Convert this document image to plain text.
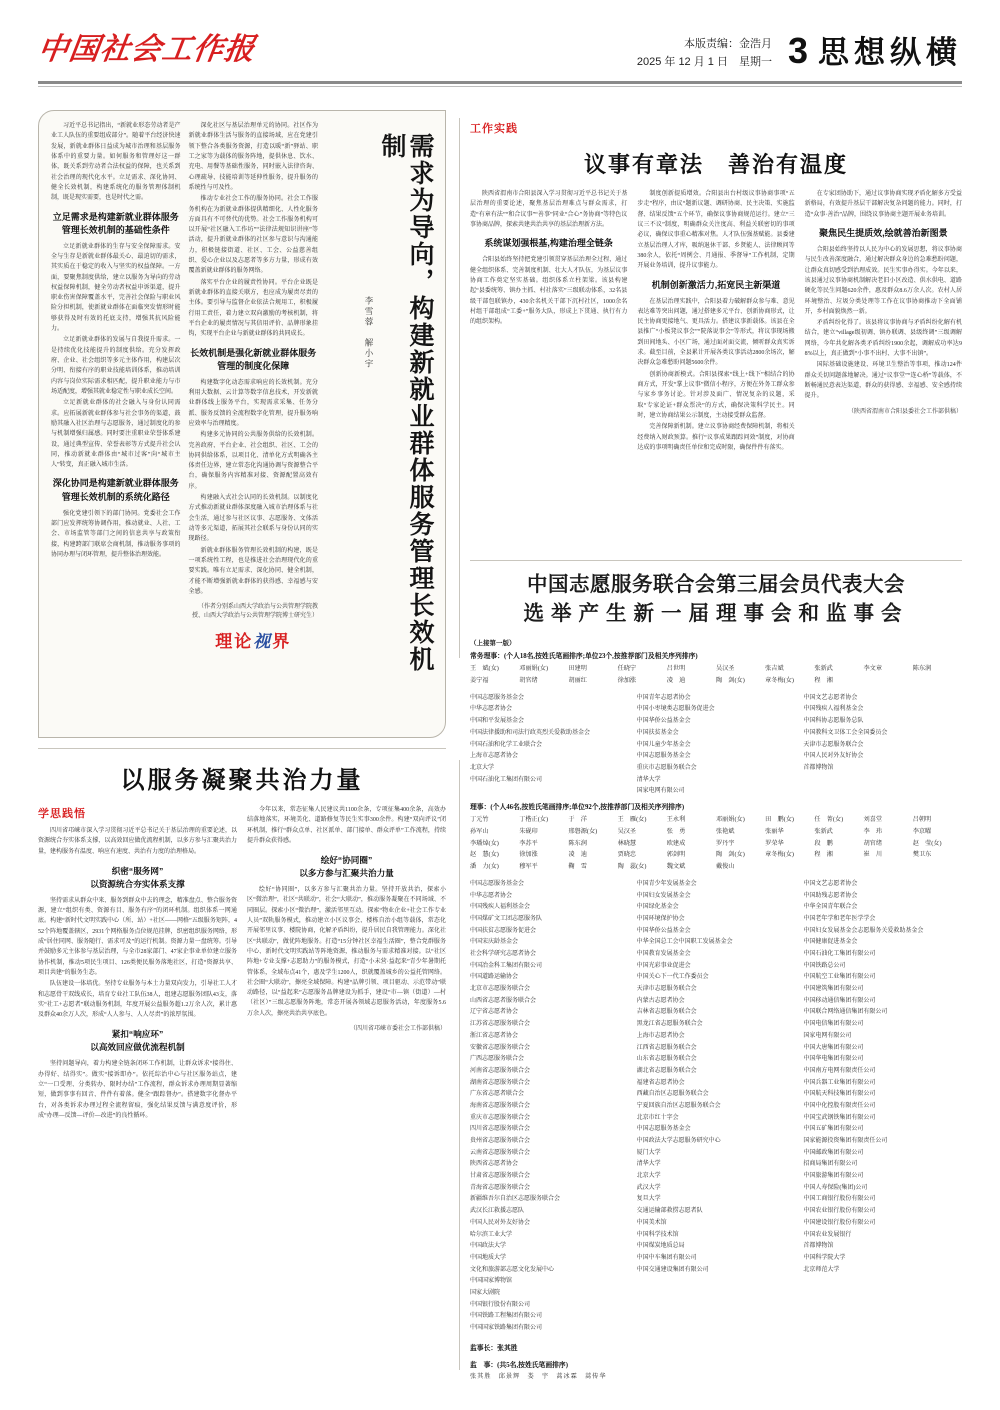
中国社会工作报	本版责编：金浩月
2025 年 12 月 1 日　星期一 3 思想纵横

习近平总书记指出，“新就业形态劳动者是产业工人队伍的重要组成部分”。随着平台经济快速发展，新就业群体日益成为城市治理和基层服务体系中的重要力量。如何服务和管理好这一群体，既关系到劳动者合法权益的保障，也关系到社会治理的现代化水平。立足需求、深化协同、健全长效机制，构建系统化的服务管理体制机制，既是现实需要，也是时代之需。

立足需求是构建新就业群体服务管理长效机制的基础性条件

立足新就业群体的生存与安全保障需求。安全与生存是新就业群体最关心、最迫切的需求，其实质在于稳定的收入与坚实的权益保障。一方面，要聚焦制度供给，建立以服务为导向的劳动权益保障机制，健全劳动者权益申诉渠道，提升职业伤害保障覆盖水平，完善社会保险与职业风险分担机制，使新就业群体在面临突发情形时能够获得及时有效的托底支持，增强其抗风险能力。

立足新就业群体的发展与自我提升需求。一是持续优化技能提升的制度供给。充分发挥政府、企业、社会组织等多元主体作用，构建层次分明、衔接有序的职业技能培训体系，推动培训内容与岗位实际需求相匹配，提升职业能力与市场适配度，增强其就业稳定性与职业成长空间。

立足新就业群体的社会融入与身份认同需求。应拓展新就业群体参与社会事务的渠道，鼓励其融入社区治理与志愿服务，通过制度化的参与机制增强归属感。同时要注重职业荣誉体系建设，通过典型宣传、荣誉表彰等方式提升社会认同，推动新就业群体由“城市过客”向“城市主人”转变，真正融入城市生活。

深化协同是构建新就业群体服务管理长效机制的系统化路径

强化党建引领下的部门协同。党委社会工作部门应发挥统筹协调作用，推动就业、人社、工会、市场监管等部门之间的信息共享与政策衔接，构建跨部门联席会商机制，推动服务事项的协同办理与闭环管理，提升整体治理效能。

深化社区与基层治理单元的协同。社区作为新就业群体生活与服务的直接场域，应在党建引领下整合各类服务资源，打造以暖“新”驿站、职工之家等为载体的服务阵地，提供休息、饮水、充电、用餐等基础性服务，同时嵌入法律咨询、心理疏导、技能培训等延伸性服务，提升服务的系统性与可及性。

推动专业社会工作的服务协同。社会工作服务机构在为新就业群体提供精细化、人性化服务方面具有不可替代的优势。社会工作服务机构可以开展“社区融入工作坊”“法律法规知识讲座”等活动，提升新就业群体的社区参与意识与沟通能力，积极链接街道、社区、工会、公益慈善组织、爱心企业以及志愿者等多方力量，形成有效覆盖新就业群体的服务网络。

落实平台企业的履责性协同。平台企业既是新就业群体的直接关联方，也应成为履责尽责的主体。要引导与监督企业依法合规用工，积极履行用工责任，着力建立双向激励的考核机制，将平台企业的履责情况与其信用评价、品牌形象挂钩，实现平台企业与新就业群体的共同成长。

长效机制是强化新就业群体服务管理的制度化保障

构建数字化动态需求响应的长效机制。充分利用大数据、云计算等数字信息技术，开发新就业群体线上服务平台，实现需求采集、任务分派、服务反馈的全流程数字化管理，提升服务响应效率与治理精度。

构建多元协同的公共服务供给的长效机制。完善政府、平台企业、社会组织、社区、工会的协同供给体系，以项目化、清单化方式明确各主体责任边界，建立常态化沟通协调与资源整合平台，确保服务内容精准对接、资源配置高效有序。

构建融入式社会认同的长效机制。以制度化方式推动新就业群体深度融入城市治理体系与社会生活，通过参与社区议事、志愿服务、文体活动等多元渠道，拓展其社会联系与身份认同的实现路径。

新就业群体服务管理长效机制的构建，既是一项系统性工程，也是推进社会治理现代化的重要实践。唯有立足需求、深化协同、健全机制，才能不断增强新就业群体的获得感、幸福感与安全感。

（作者分别系山西大学政治与公共管理学院教授、山西大学政治与公共管理学院博士研究生）
理论视界	需求为导向，构建新就业群体服务管理长效机制
李雪蓉　解小宇
以服务凝聚共治力量
学思践悟

四川省邛崃市深入学习贯彻习近平总书记关于基层治理的重要论述，以资源统合夯实体系支撑，以高效回应做优流程机制，以多方参与汇聚共治力量，建构服务有温度、响应有速度、共治有力度的治理格局。

织密“服务网”
以资源统合夯实体系支撑

坚持需求从群众中来、服务到群众中去的理念，精准盘点、整合服务资源，建立“组织有类、资源有目、服务有序”的闭环机制。组织体系一网通底。构建“新时代文明实践中心（所、站）+社区——网格”五级服务矩阵，452个阵地覆盖辖区，2931个网格服务点位规范挂牌，织密组织服务网络，形成“居住同网、服务随行、需求可及”的运行机制。资源力量一盘统筹。引导并鼓励多元主体参与基层治理，与全市28家部门、47家企事业单位建立服务协作机制，推动5项民生项目、126类便民服务落地社区，打造“资源共享、项目共建”的服务生态。

队伍建设一体培优。坚持专业服务与本土力量双向发力，引导社工人才和志愿骨干双线成长，培育专业社工队伍38人，组建志愿服务团队43支，落实“社工+志愿者”联动服务机制，年度开展公益服务超1.2万余人次，累计惠及群众40余万人次，形成“人人参与、人人尽责”的浓厚氛围。

紧扣“响应环”
以高效回应做优流程机制

坚持问题导向，着力构建全链条闭环工作机制，让群众诉求“接得住、办得好、结得实”。做实“接诉即办”。依托综治中心与社区服务站点，建立“一口受理、分类转办、限时办结”工作流程，群众诉求办理周期显著缩短，做到事事有回音、件件有着落。健全“跟踪督办”。搭建数字化督办平台，对各类诉求办理过程全流程留痕，强化结果反馈与满意度评价，形成“办理—反馈—评价—改进”的良性循环。

今年以来，常态征集人民建议共1100余条，专项征集400余条，高效办结落地落实，环境美化、道路修复等民生实事300余件。构建“双向评议”闭环机制，推行“群众点单、社区派单、部门接单、群众评单”工作流程，持续提升群众获得感。

绘好“协同圈”
以多方参与汇聚共治力量

绘好“协同圈”，以多方参与汇聚共治力量。坚持开放共治，探索小区“微治理”，社区“共联动”，社会“大联动”，推动服务凝聚在不同场域、不同圈层。探索小区“微治理”，激活邻里互动。探索“物业企业+社会工作专业人员”双轨服务模式，推动建立小区议事会、楼栋自治小组等载体，常态化开展邻里议事、楼院协商，化解矛盾纠纷，提升居民自我管理能力。深化社区“共联动”，做优阵地服务。打造“15分钟社区幸福生活圈”，整合党群服务中心、新时代文明实践站等阵地资源，推动服务与需求精准对接。以“社区阵地+专业支撑+志愿助力”的服务模式，打造“小未营·益起来”青少年暑期托管体系，全域布点41个，惠及学生1200人，织就覆盖城乡的公益托管网络。社会圈“大联动”，擦亮全域保障。构建“品牌引领、项目驱动、示范带动”联动路径，以“益起来”志愿服务品牌建设为抓手，建设“市—镇（街道）—村（社区）”三级志愿服务阵地，常态开展各领域志愿服务活动，年度服务5.6万余人次，擦亮共治共享底色。

（四川省邛崃市委社会工作部供稿）
工作实践
议事有章法　善治有温度

陕西省渭南市合阳县深入学习贯彻习近平总书记关于基层治理的重要论述，聚焦基层治理难点与群众需求，打造“有章有法”“和合议事”“善事”同业“合心”务协商”等特色议事协商品牌，探索共建共治共享的基层治理新方法。

系统谋划强根基,构建治理全链条

合阳县始终坚持把党建引领贯穿基层治理全过程，通过健全组织体系、完善制度机制、壮大人才队伍，为基层议事协商工作奠定坚实基础。组织体系立柱架梁。该县构建起“县委统筹、镇办主抓、村社落实”三级联动体系，32名县级干部包联镇办，430余名机关干部下沉村社区，1000余名村组干部组成“工委+”服务大队，形成上下贯通、执行有力的组织架构。

制度创新提质增效。合阳县出台村级议事协商事项“五步走”程序，由议“题新议题、调研协商、民主决策、实施监督、结果反馈”五个环节，确保议事协商规范运行。建立“三议三不议”制度，明确群众关注度高、利益关联密切的事项必议，确保议事重心精准对焦。人才队伍强基赋能。县委建立基层治理人才库，吸纳退休干部、乡贤能人、法律顾问等380余人，依托“周例会、月通报、季督导”工作机制，定期开展业务培训，提升议事能力。

机制创新激活力,拓宽民主新渠道

在基层治理实践中，合阳县着力破解群众参与难、意见表达难等突出问题，通过搭建多元平台、创新协商形式，让民主协商更接地气、更具活力。搭建议事新载体。该县在全县推广“小板凳议事会”“院落说事会”等形式，将议事现场搬到田间地头、小区广场，通过面对面交流，倾听群众真实诉求。截至目前，全县累计开展各类议事活动2800余场次，解决群众急难愁盼问题5600余件。

创新协商新模式。合阳县探索“线上+线下”相结合的协商方式，开发“掌上议事”微信小程序，方便在外务工群众参与家乡事务讨论。针对涉及面广、情况复杂的议题，采取“专家论证+群众票决”的方式，确保决策科学民主。同时，建立协商结果公示制度，主动接受群众监督。

完善保障新机制。建立议事协商经费保障机制，将相关经费纳入财政预算。推行“议事成果跟踪问效”制度，对协商达成的事项明确责任单位和完成时限，确保件件有落实。

在专家团协助下，通过议事协商实现矛盾化解多方受益新格局，有效提升基层干部解决复杂问题的能力。同时，打造“众事·善治”品牌，围绕议事协商主题开展业务培训。

聚焦民生提质效,绘就善治新图景

合阳县始终坚持以人民为中心的发展思想，将议事协商与民生改善深度融合，通过解决群众身边的急难愁盼问题，让群众真切感受到治理成效。民生实事办得实。今年以来，该县通过议事协商机制解决老旧小区改造、供水供电、道路硬化等民生问题620余件，惠及群众8.6万余人次。农村人居环境整治、垃圾分类处理等工作在议事协商推动下全面铺开，乡村面貌焕然一新。

矛盾纠纷化得了。该县将议事协商与矛盾纠纷化解有机结合，建立“village级初调、镇办联调、县级终调”三级调解网络，今年共化解各类矛盾纠纷1900余起，调解成功率达98%以上，真正做到“小事不出村、大事不出镇”。

国际基础设施建设、环境卫生整治等事项，推动124件群众关切问题落地解决。通过“议事堂”“连心桥”等载体，不断畅通民意表达渠道，群众的获得感、幸福感、安全感持续提升。

（陕西省渭南市合阳县委社会工作部供稿）
中国志愿服务联合会第三届会员代表大会
选举产生新一届理事会和监事会
（上接第一版）
常务理事：(个人18名,按姓氏笔画排序;单位23个,按推荐部门及相关序列排序)
王　斌(女)	邓丽娟(女)	田建明	任晓宁	吕世明	吴汉圣	张吉斌	张新武	李文章	陈东润
姜宁福	胡官绪	胡丽红	徐加涨	凌　迪	陶　剑(女)	章冬梅(女)	程　湘
中国志愿服务基金会
中华志愿者协会
中国和平发展基金会
中国法律援助和司法行政英烈关爱救助基金会
中国石油和化学工业联合会
上海市志愿者协会
北京大学
中国石油化工集团有限公司
中国青年志愿者协会
中国小枣境类志愿服务促进会
中国华侨公益基金会
中国扶贫基金会
中国儿童少年基金会
中国志愿服务基金会
重庆市志愿服务联合会
清华大学
国家电网有限公司
中国文艺志愿者协会
中国残疾人福利基金会
中国科协志愿服务总队
中国教科文卫体工会全国委员会
天津市志愿服务联合会
中国人民对外友好协会
首都博物馆
理事：(个人46名,按姓氏笔画排序;单位92个,按推荐部门及相关序列排序)
丁元竹	丁楷正(女)	于　洋	王　雁(女)	王永利	邓丽娟(女)	田　鹏(女)	任　菁(女)	刘喜堂	吕朝明
孙军山	朱砚印	邢磐源(女)	吴汉圣	张　勇	张艳斌	张丽华	张新武	李　玮	李京曜
李璠焯(女)	李苏平	陈东润	林晓慧	欧建成	罗丹宇	罗荣华	段　鹏	胡官绪	赵　莹(女)
赵　慧(女)	徐加涨	凌　迪	贾晓忠	郭剑明	陶　剑(女)	章冬梅(女)	程　湘	崔　川	樊卫东
潘　力(女)	穆军平	鞠　雪	陶　蕊(女)	魏文斌	戴俊山
中国志愿服务基金会
中华志愿者协会
中国残疾人福利基金会
中国煤矿文工团志愿服务队
中国扶贫志愿服务促进会
中国宋庆龄基金会
社会科学研究志愿者协会
中国冶金科工集团有限公司
中国道路运输协会
北京市志愿服务联合会
山西省志愿者服务联合会
辽宁省志愿者协会
江苏省志愿服务联合会
浙江省志愿者协会
安徽省志愿服务联合会
广西志愿服务联合会
河南省志愿服务联合会
湖南省志愿服务联合会
广东省志愿者联合会
海南省志愿服务联合会
重庆市志愿服务联合会
四川省志愿服务联合会
贵州省志愿服务联合会
云南省志愿服务联合会
陕西省志愿者协会
甘肃省志愿服务联合会
青海省志愿服务联合会
新疆维吾尔自治区志愿服务联合会
武汉长江救援志愿队
中国人民对外友好协会
哈尔滨工业大学
中国政法大学
中国地质大学
文化和旅游部志愿文化发展中心
中国国家博物馆
国家大剧院
中国银行股份有限公司
中国铁路工程集团有限公司
中国国家铁路集团有限公司
中国青少年发展基金会
中国妇女发展基金会
中国绿化基金会
中国环境保护协会
中国华侨公益基金会
中华全国总工会中国职工发展基金会
中国教育发展基金会
中国光彩事业促进会
中国关心下一代工作委员会
天津市志愿服务联合会
内蒙古志愿者协会
吉林省志愿服务联合会
黑龙江省志愿服务联合会
上海市志愿者协会
江西省志愿服务联合会
山东省志愿服务联合会
湖北省志愿服务联合会
福建省志愿者协会
西藏自治区志愿服务联合会
宁夏回族自治区志愿服务联合会
北京市红十字会
中国志愿服务基金会
中国政法大学志愿服务研究中心
厦门大学
清华大学
北京大学
武汉大学
复旦大学
交通运输部救捞志愿者队
中国美术馆
中国科学技术馆
中国煤炭地质总局
中国中车集团有限公司
中国交通建设集团有限公司
中国文艺志愿者协会
中国助残志愿者协会
中华全国青年联合会
中国老年学和老年医学学会
中国妇女发展基金会志愿服务关爱救助基金会
中国健康促进基金会
中国石油化工集团有限公司
中国铁路总公司
中国航空工业集团有限公司
中国建筑集团有限公司
中国移动通信集团有限公司
中国联合网络通信集团有限公司
中国电信集团有限公司
国家电网有限公司
中国大唐集团有限公司
中国华电集团有限公司
中国南方电网有限责任公司
中国兵器工业集团有限公司
中国航天科技集团有限公司
中国中化控股有限责任公司
中国宝武钢铁集团有限公司
中国五矿集团有限公司
国家能源投资集团有限责任公司
中国邮政集团有限公司
招商局集团有限公司
中国旅游集团有限公司
中国人寿保险(集团)公司
中国工商银行股份有限公司
中国农业银行股份有限公司
中国建设银行股份有限公司
中国农业发展银行
首都博物馆
中国科学院大学
北京师范大学
监事长：张其胜
监　事：(共5名,按姓氏笔画排序)
张其胜　邱景辉　娄　宇　蒿冰霖　蒿传华
